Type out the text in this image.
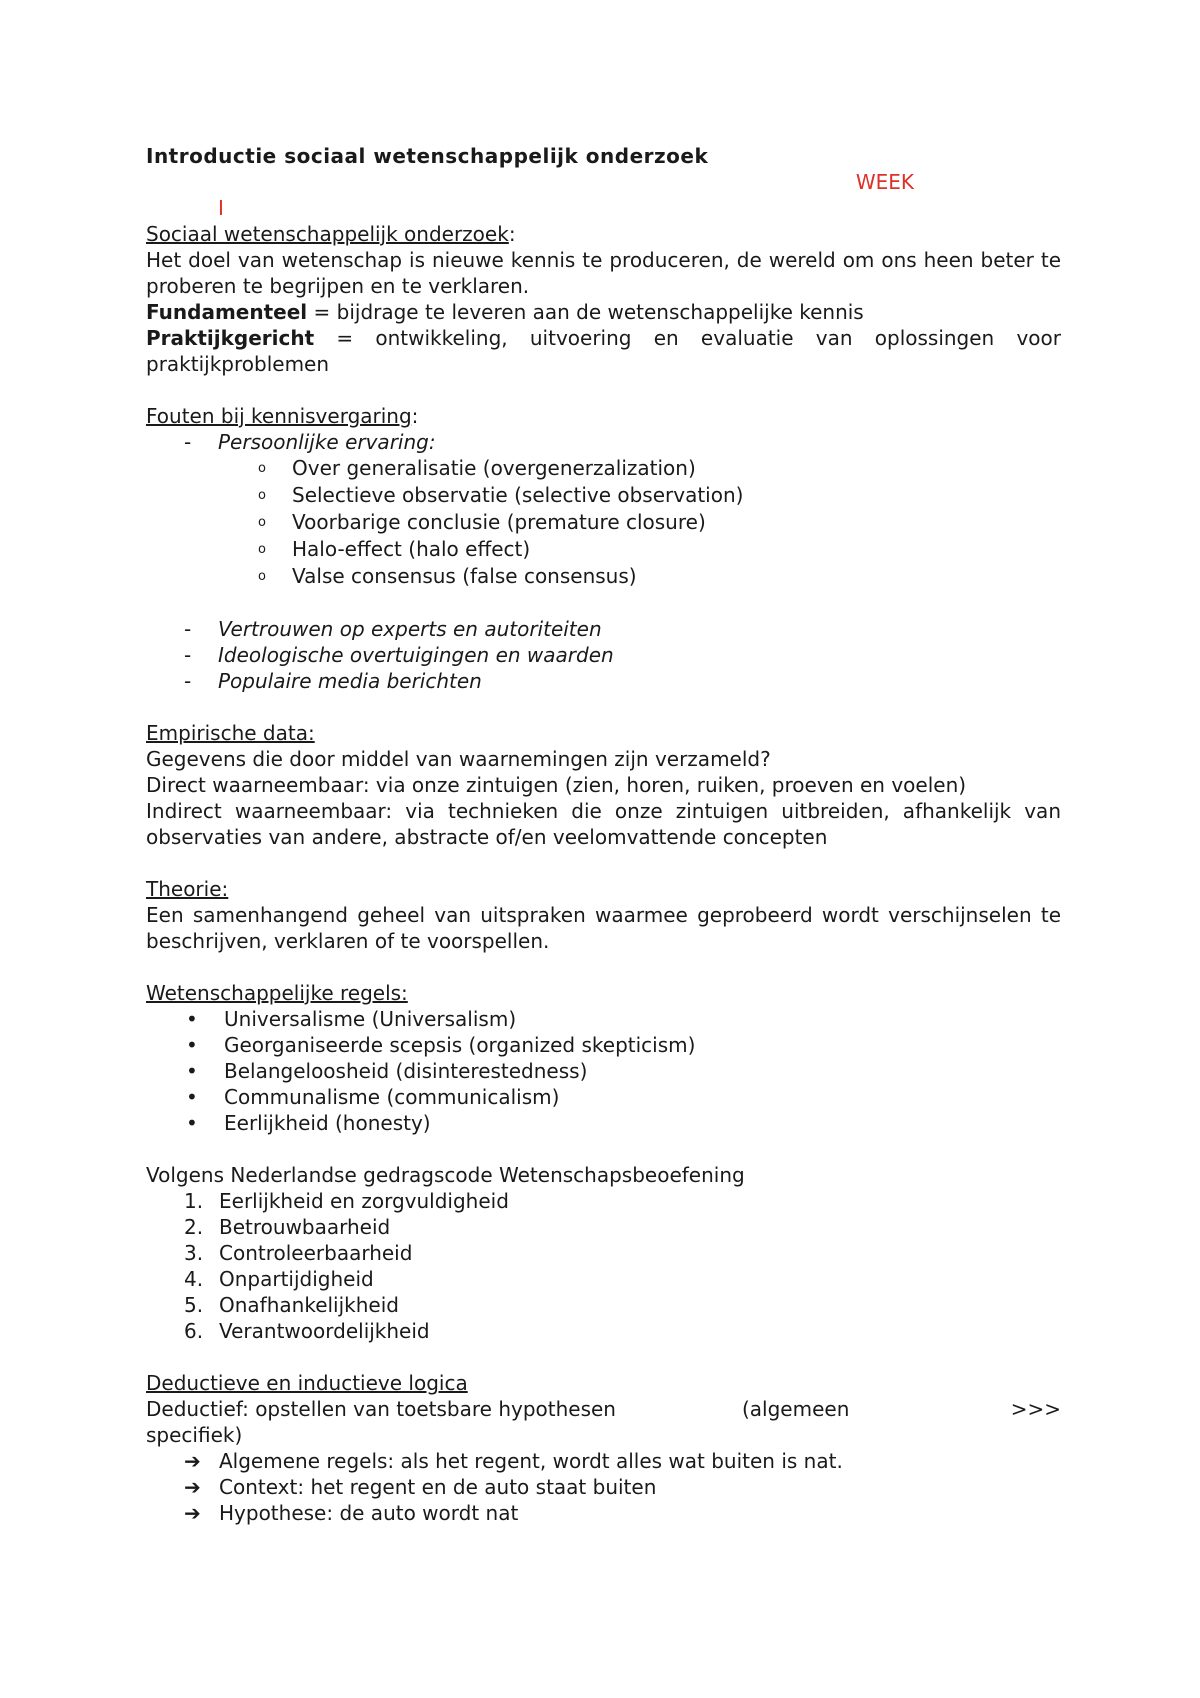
Introductie sociaal wetenschappelijk onderzoek
WEEK
I
Sociaal wetenschappelijk onderzoek:
Het doel van wetenschap is nieuwe kennis te produceren, de wereld om ons heen beter te proberen te begrijpen en te verklaren.
Fundamenteel = bijdrage te leveren aan de wetenschappelijke kennis
Praktijkgericht = ontwikkeling, uitvoering en evaluatie van oplossingen voor praktijkproblemen
Fouten bij kennisvergaring:
- Persoonlijke ervaring:
o Over generalisatie (overgenerzalization)
o Selectieve observatie (selective observation)
o Voorbarige conclusie (premature closure)
o Halo-effect (halo effect)
o Valse consensus (false consensus)
- Vertrouwen op experts en autoriteiten
- Ideologische overtuigingen en waarden
- Populaire media berichten
Empirische data:
Gegevens die door middel van waarnemingen zijn verzameld?
Direct waarneembaar: via onze zintuigen (zien, horen, ruiken, proeven en voelen)
Indirect waarneembaar: via technieken die onze zintuigen uitbreiden, afhankelijk van observaties van andere, abstracte of/en veelomvattende concepten
Theorie:
Een samenhangend geheel van uitspraken waarmee geprobeerd wordt verschijnselen te beschrijven, verklaren of te voorspellen.
Wetenschappelijke regels:
• Universalisme (Universalism)
• Georganiseerde scepsis (organized skepticism)
• Belangeloosheid (disinterestedness)
• Communalisme (communicalism)
• Eerlijkheid (honesty)
Volgens Nederlandse gedragscode Wetenschapsbeoefening
1. Eerlijkheid en zorgvuldigheid
2. Betrouwbaarheid
3. Controleerbaarheid
4. Onpartijdigheid
5. Onafhankelijkheid
6. Verantwoordelijkheid
Deductieve en inductieve logica
Deductief: opstellen van toetsbare hypothesen	(algemeen	>>>
specifiek)
➔ Algemene regels: als het regent, wordt alles wat buiten is nat.
➔ Context: het regent en de auto staat buiten
➔ Hypothese: de auto wordt nat
